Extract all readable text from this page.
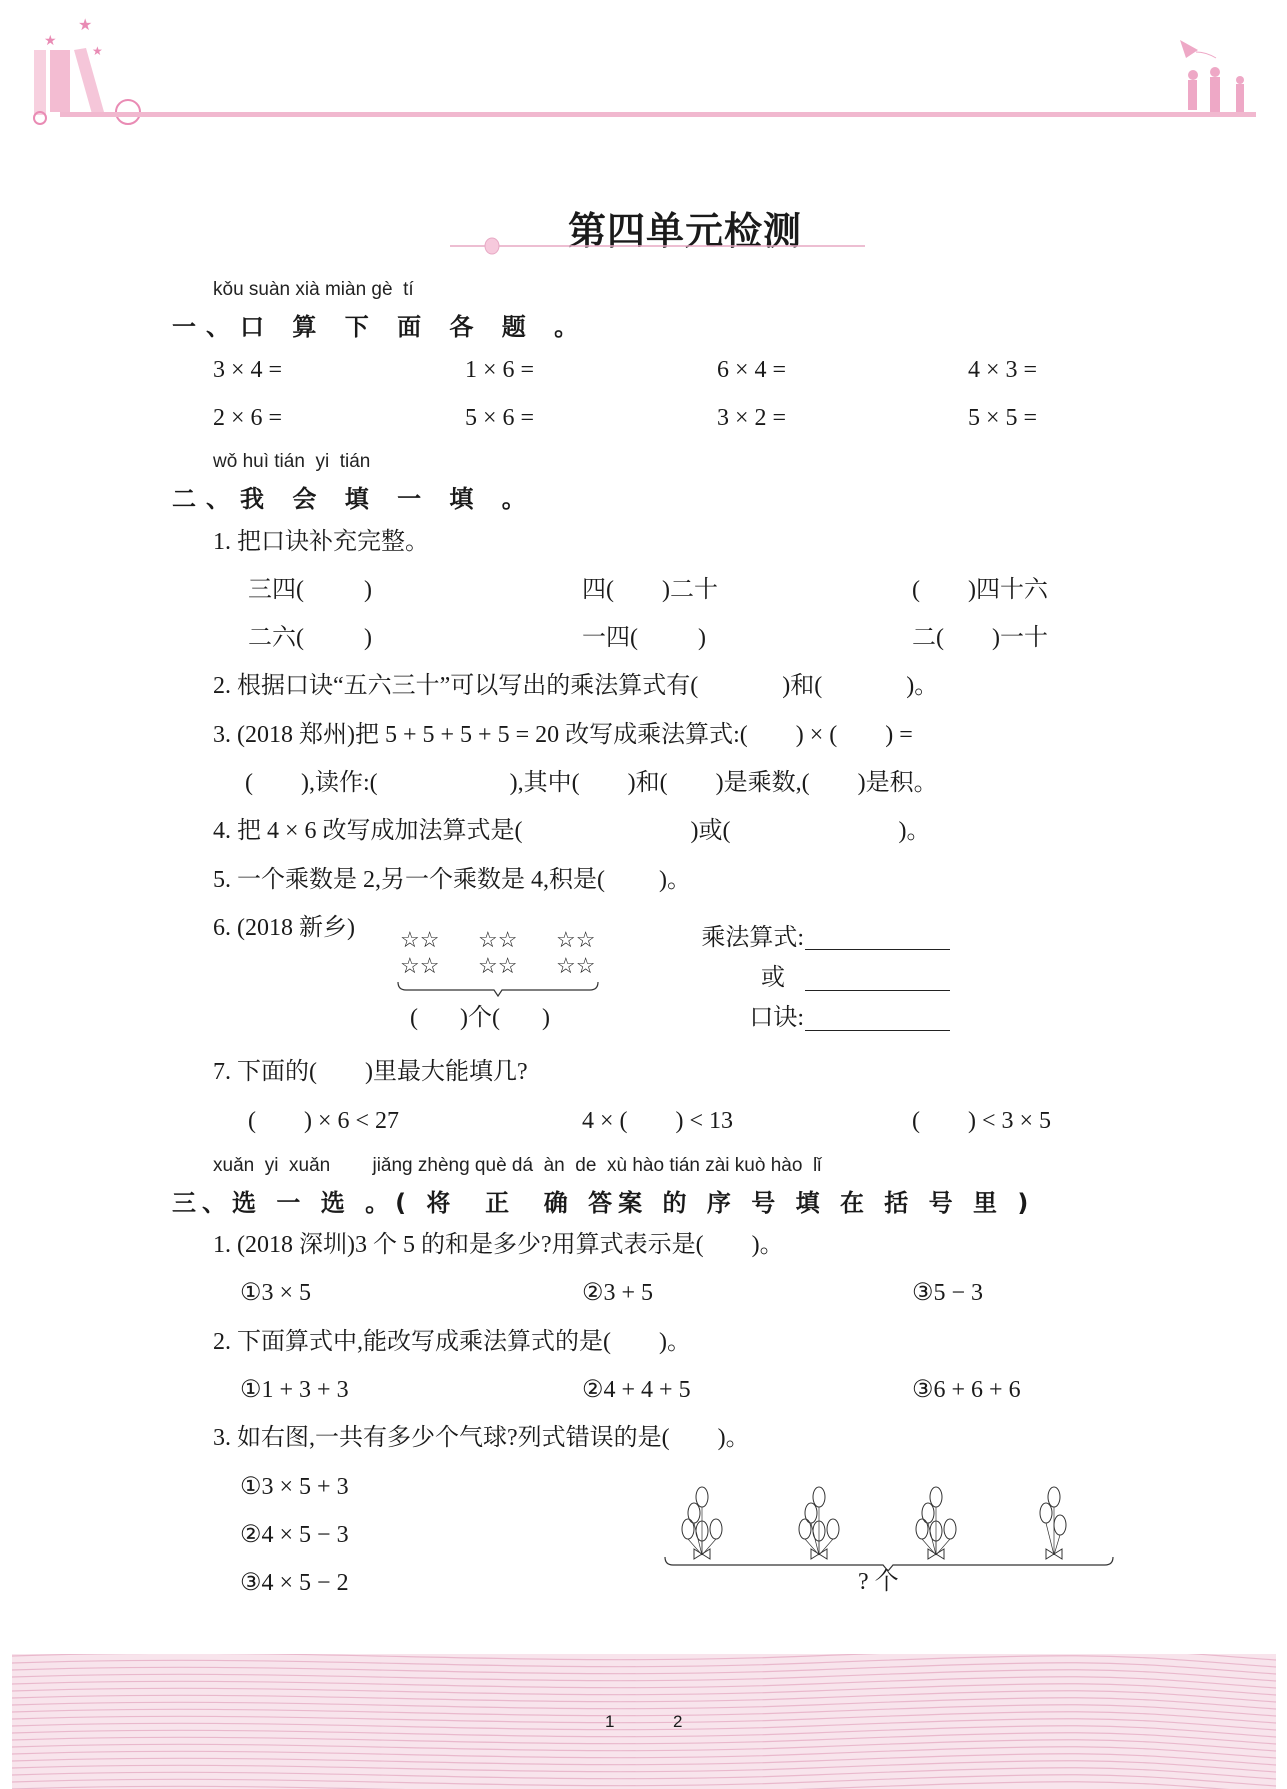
★
★
★
第四单元检测
kǒu suàn xià miàn gè  tí
一、口 算 下 面 各 题 。
3 × 4 =	1 × 6 =	6 × 4 =	4 × 3 =
2 × 6 =	5 × 6 =	3 × 2 =	5 × 5 =
wǒ huì tián  yi  tián
二、我 会 填 一 填 。
1. 把口诀补充完整。
三四(          )	四(        )二十	(        )四十六
二六(          )	一四(          )	二(        )一十
2. 根据口诀“五六三十”可以写出的乘法算式有(              )和(              )。
3. (2018 郑州)把 5 + 5 + 5 + 5 = 20 改写成乘法算式:(        ) × (        ) =
(        ),读作:(                      ),其中(        )和(        )是乘数,(        )是积。
4. 把 4 × 6 改写成加法算式是(                            )或(                            )。
5. 一个乘数是 2,另一个乘数是 4,积是(         )。
6. (2018 新乡) ☆☆ ☆☆ ☆☆
☆☆ ☆☆ ☆☆
(       )个(       )
乘法算式:
或
口诀:
7. 下面的(        )里最大能填几?
(        ) × 6 < 27	4 × (        ) < 13	(        ) < 3 × 5
xuǎn  yi  xuǎn        jiǎng zhèng què dá  àn  de  xù hào tián zài kuò hào  lǐ
三、选 一 选 。( 将  正  确 答案 的 序 号 填 在 括 号 里 )
1. (2018 深圳)3 个 5 的和是多少?用算式表示是(        )。
①3 × 5	②3 + 5	③5 − 3
2. 下面算式中,能改写成乘法算式的是(        )。
①1 + 3 + 3	②4 + 4 + 5	③6 + 6 + 6
3. 如右图,一共有多少个气球?列式错误的是(        )。
①3 × 5 + 3
②4 × 5 − 3
③4 × 5 − 2	? 个
1	2
